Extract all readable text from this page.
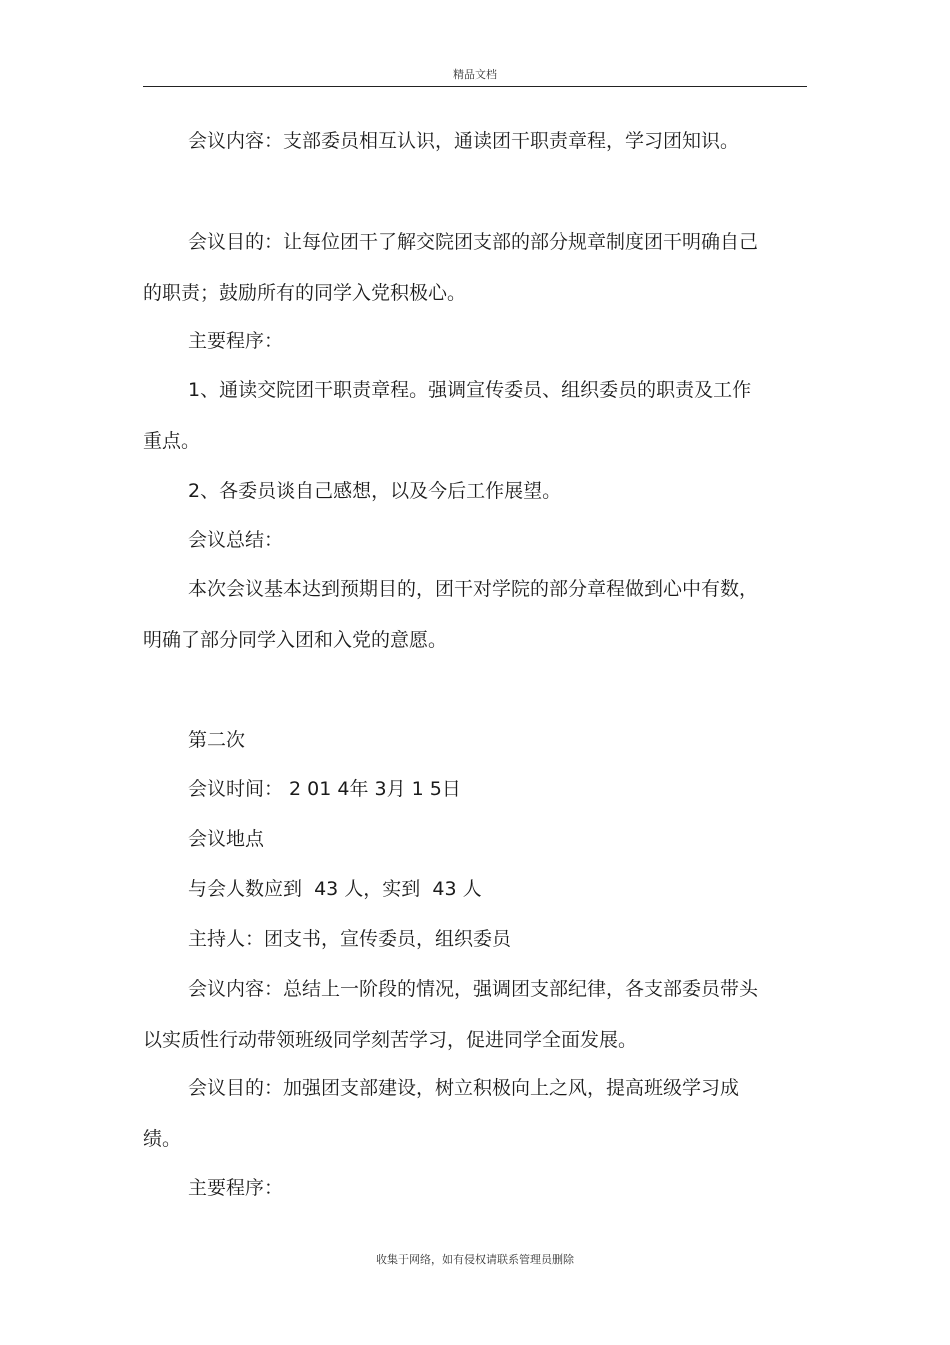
精品文档

会议内容：支部委员相互认识，通读团干职责章程，学习团知识。

会议目的：让每位团干了解交院团支部的部分规章制度团干明确自己的职责；鼓励所有的同学入党积极心。

主要程序：

1、通读交院团干职责章程。强调宣传委员、组织委员的职责及工作重点。

2、各委员谈自己感想，以及今后工作展望。

会议总结：

本次会议基本达到预期目的，团干对学院的部分章程做到心中有数，明确了部分同学入团和入党的意愿。

第二次

会议时间： 2 01 4年 3月 1 5日

会议地点

与会人数应到  43 人，实到  43 人

主持人：团支书，宣传委员，组织委员

会议内容：总结上一阶段的情况，强调团支部纪律，各支部委员带头以实质性行动带领班级同学刻苦学习，促进同学全面发展。

会议目的：加强团支部建设，树立积极向上之风，提高班级学习成绩。

主要程序：

收集于网络，如有侵权请联系管理员删除
